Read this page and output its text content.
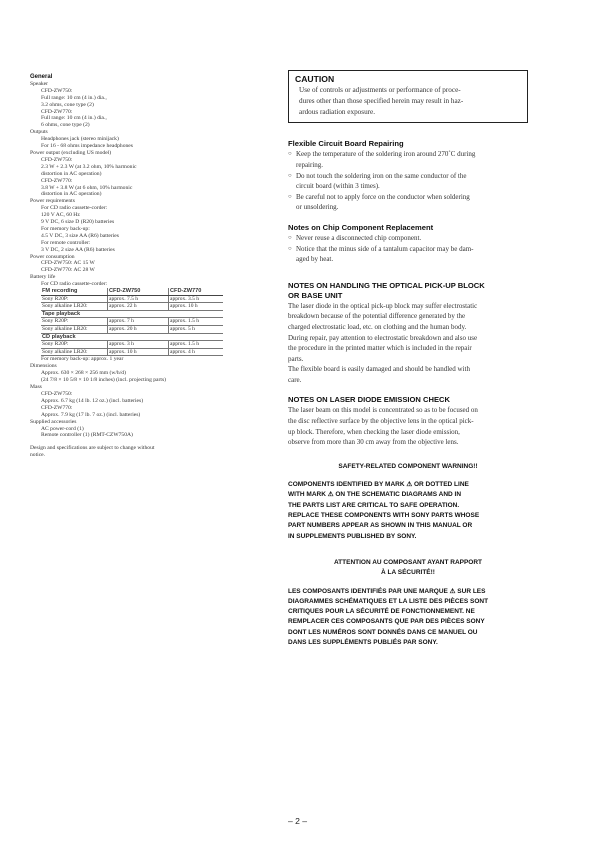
General
Speaker
CFD-ZW750:
Full range: 10 cm (4 in.) dia.,
3.2 ohms, cone type (2)
CFD-ZW770:
Full range: 10 cm (4 in.) dia.,
6 ohms, cone type (2)
Outputs
Headphones jack (stereo minijack)
For 16 - 68 ohms impedance headphones
Power output (excluding US model)
CFD-ZW750:
2.3 W + 2.3 W (at 3.2 ohm, 10% harmonic
distortion in AC operation)
CFD-ZW770:
3.8 W + 3.8 W (at 6 ohm, 10% harmonic
distortion in AC operation)
Power requirements
For CD radio cassette-corder:
120 V AC, 60 Hz
9 V DC, 6 size D (R20) batteries
For memory back-up:
4.5 V DC, 3 size AA (R6) batteries
For remote controller:
3 V DC, 2 size AA (R6) batteries
Power consumption
CFD-ZW750: AC 15 W
CFD-ZW770: AC 28 W
Battery life
For CD radio cassette-corder:
FM recording	CFD-ZW750	CFD-ZW770
Sony R20P:	approx. 7.5 h	approx. 3.5 h
Sony alkaline LR20:	approx. 22 h	approx. 10 h
Tape playback		
Sony R20P:	approx. 7 h	approx. 1.5 h
Sony alkaline LR20:	approx. 20 h	approx. 5 h
CD playback		
Sony R20P:	approx. 3 h	approx. 1.5 h
Sony alkaline LR20:	approx. 10 h	approx. 4 h
For memory back-up: approx. 1 year
Dimensions
Approx. 630 × 268 × 256 mm (w/h/d)
(24 7/8 × 10 5/8 × 10 1/8 inches) (incl. projecting parts)
Mass
CFD-ZW750:
Approx. 6.7 kg (14 lb. 12 oz.) (incl. batteries)
CFD-ZW770:
Approx. 7.9 kg (17 lb. 7 oz.) (incl. batteries)
Supplied accessories
AC power-cord (1)
Remote controller (1) (RMT-CZW750A)
Design and specifications are subject to change without
notice.
CAUTION
Use of controls or adjustments or performance of proce-
dures other than those specified herein may result in haz-
ardous radiation exposure.
Flexible Circuit Board Repairing
○ Keep the temperature of the soldering iron around 270˚C during
repairing.
○ Do not touch the soldering iron on the same conductor of the
circuit board (within 3 times).
○ Be careful not to apply force on the conductor when soldering
or unsoldering.
Notes on Chip Component Replacement
○ Never reuse a disconnected chip component.
○ Notice that the minus side of a tantalum capacitor may be dam-
aged by heat.
NOTES ON HANDLING THE OPTICAL PICK-UP BLOCK
OR BASE UNIT
The laser diode in the optical pick-up block may suffer electrostatic
breakdown because of the potential difference generated by the
charged electrostatic load, etc. on clothing and the human body.
During repair, pay attention to electrostatic breakdown and also use
the procedure in the printed matter which is included in the repair
parts.
The flexible board is easily damaged and should be handled with
care.
NOTES ON LASER DIODE EMISSION CHECK
The laser beam on this model is concentrated so as to be focused on
the disc reflective surface by the objective lens in the optical pick-
up block. Therefore, when checking the laser diode emission,
observe from more than 30 cm away from the objective lens.
SAFETY-RELATED COMPONENT WARNING!!
COMPONENTS IDENTIFIED BY MARK ⚠ OR DOTTED LINE
WITH MARK ⚠ ON THE SCHEMATIC DIAGRAMS AND IN
THE PARTS LIST ARE CRITICAL TO SAFE OPERATION.
REPLACE THESE COMPONENTS WITH SONY PARTS WHOSE
PART NUMBERS APPEAR AS SHOWN IN THIS MANUAL OR
IN SUPPLEMENTS PUBLISHED BY SONY.
ATTENTION AU COMPOSANT AYANT RAPPORT
À LA SÉCURITÉ!!
LES COMPOSANTS IDENTIFIÉS PAR UNE MARQUE ⚠ SUR LES
DIAGRAMMES SCHÉMATIQUES ET LA LISTE DES PIÈCES SONT
CRITIQUES POUR LA SÉCURITÉ DE FONCTIONNEMENT. NE
REMPLACER CES COMPOSANTS QUE PAR DES PIÈCES SONY
DONT LES NUMÉROS SONT DONNÉS DANS CE MANUEL OU
DANS LES SUPPLÉMENTS PUBLIÉS PAR SONY.
– 2 –
